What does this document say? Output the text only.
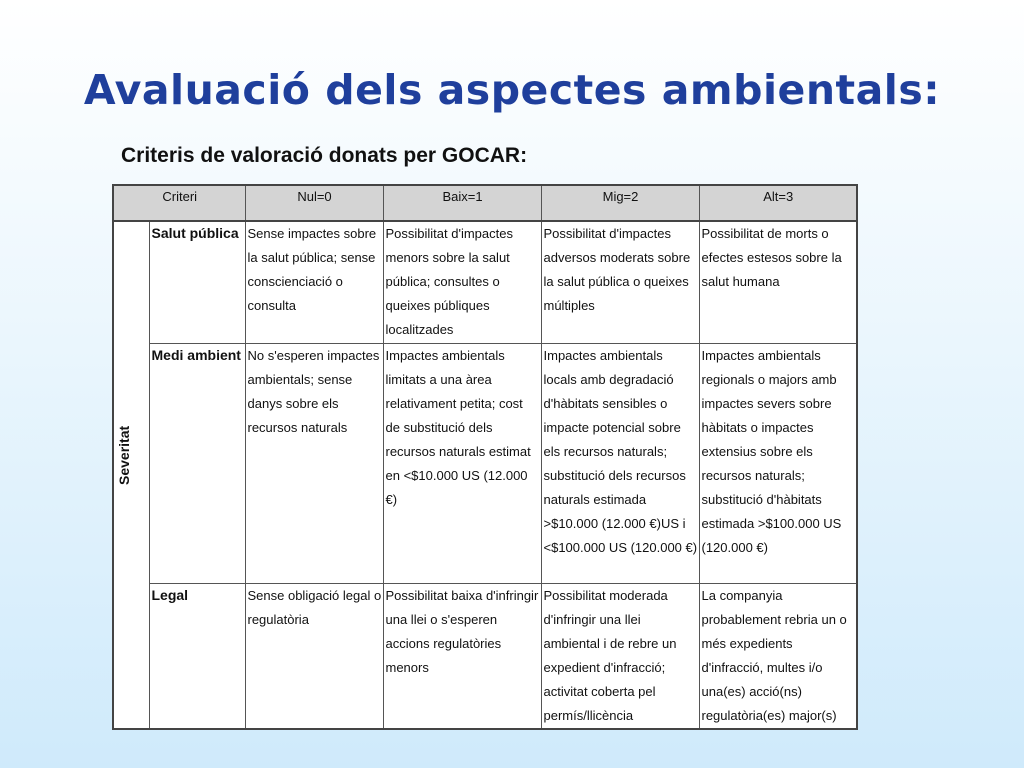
Avaluació dels aspectes ambientals:
Criteris de valoració donats per GOCAR:
Criteri		Nul=0	Baix=1	Mig=2	Alt=3

Severitat	Salut pública	Sense impactes sobre la salut pública; sense conscienciació o consulta	Possibilitat d'impactes menors sobre la salut pública; consultes o queixes públiques localitzades	Possibilitat d'impactes adversos moderats sobre la salut pública o queixes múltiples	Possibilitat de morts o efectes estesos sobre la salut humana
	Medi ambient	No s'esperen impactes ambientals; sense danys sobre els recursos naturals	Impactes ambientals limitats a una àrea relativament petita; cost de substitució dels recursos naturals estimat en <$10.000 US (12.000 €)	Impactes ambientals locals amb degradació d'hàbitats sensibles o impacte potencial sobre els recursos naturals; substitució dels recursos naturals estimada >$10.000 (12.000 €)US i <$100.000 US (120.000 €)	Impactes ambientals regionals o majors amb impactes severs sobre hàbitats o impactes extensius sobre els recursos naturals; substitució d'hàbitats estimada >$100.000 US (120.000 €)
	Legal	Sense obligació legal o regulatòria	Possibilitat baixa d'infringir una llei o s'esperen accions regulatòries menors	Possibilitat moderada d'infringir una llei ambiental i de rebre un expedient d'infracció; activitat coberta pel permís/llicència	La companyia probablement rebria un o més expedients d'infracció, multes i/o una(es) acció(ns) regulatòria(es) major(s)
